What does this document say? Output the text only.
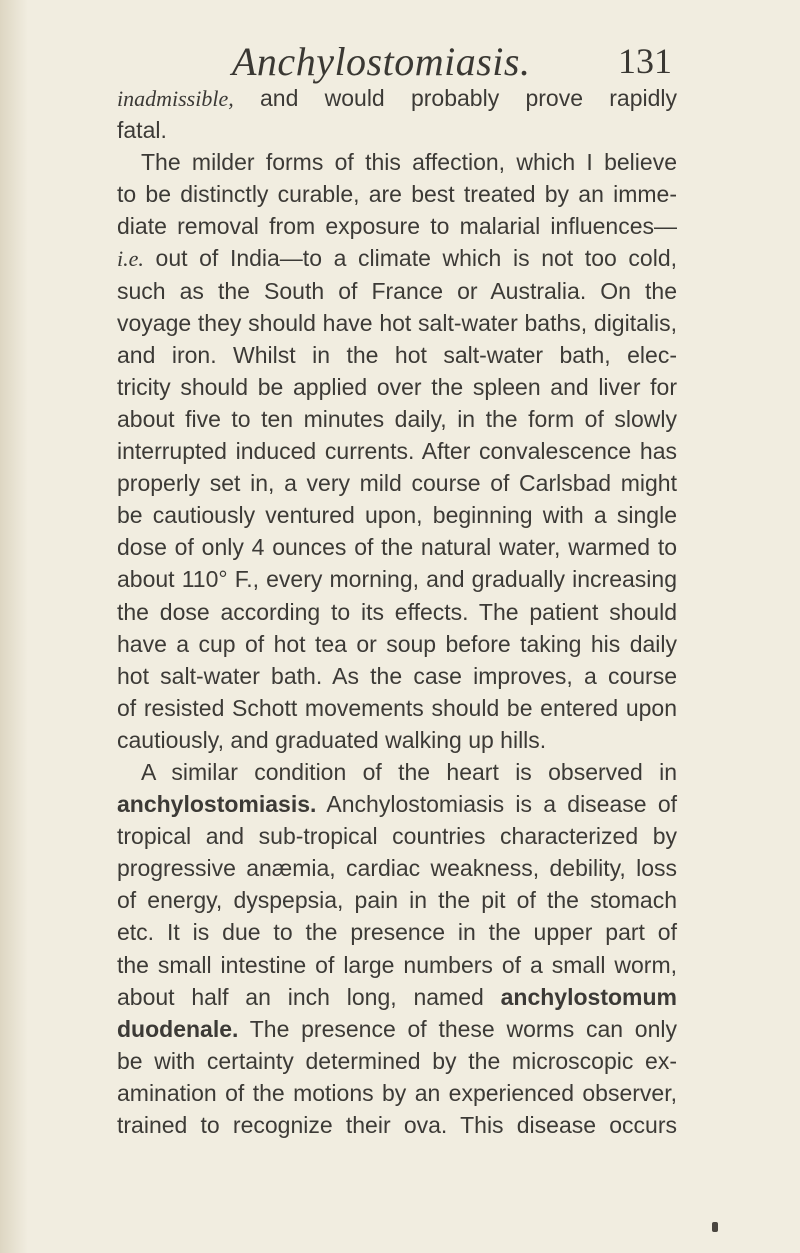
Anchylostomiasis. 131
inadmissible, and would probably prove rapidly
fatal.
The milder forms of this affection, which I believe
to be distinctly curable, are best treated by an imme-
diate removal from exposure to malarial influences—
i.e. out of India—to a climate which is not too cold,
such as the South of France or Australia. On the
voyage they should have hot salt-water baths, digitalis,
and iron. Whilst in the hot salt-water bath, elec-
tricity should be applied over the spleen and liver for
about five to ten minutes daily, in the form of slowly
interrupted induced currents. After convalescence has
properly set in, a very mild course of Carlsbad might
be cautiously ventured upon, beginning with a single
dose of only 4 ounces of the natural water, warmed to
about 110° F., every morning, and gradually increasing
the dose according to its effects. The patient should
have a cup of hot tea or soup before taking his daily
hot salt-water bath. As the case improves, a course
of resisted Schott movements should be entered upon
cautiously, and graduated walking up hills.
A similar condition of the heart is observed in
anchylostomiasis. Anchylostomiasis is a disease of
tropical and sub-tropical countries characterized by
progressive anæmia, cardiac weakness, debility, loss
of energy, dyspepsia, pain in the pit of the stomach
etc. It is due to the presence in the upper part of
the small intestine of large numbers of a small worm,
about half an inch long, named anchylostomum
duodenale. The presence of these worms can only
be with certainty determined by the microscopic ex-
amination of the motions by an experienced observer,
trained to recognize their ova. This disease occurs
